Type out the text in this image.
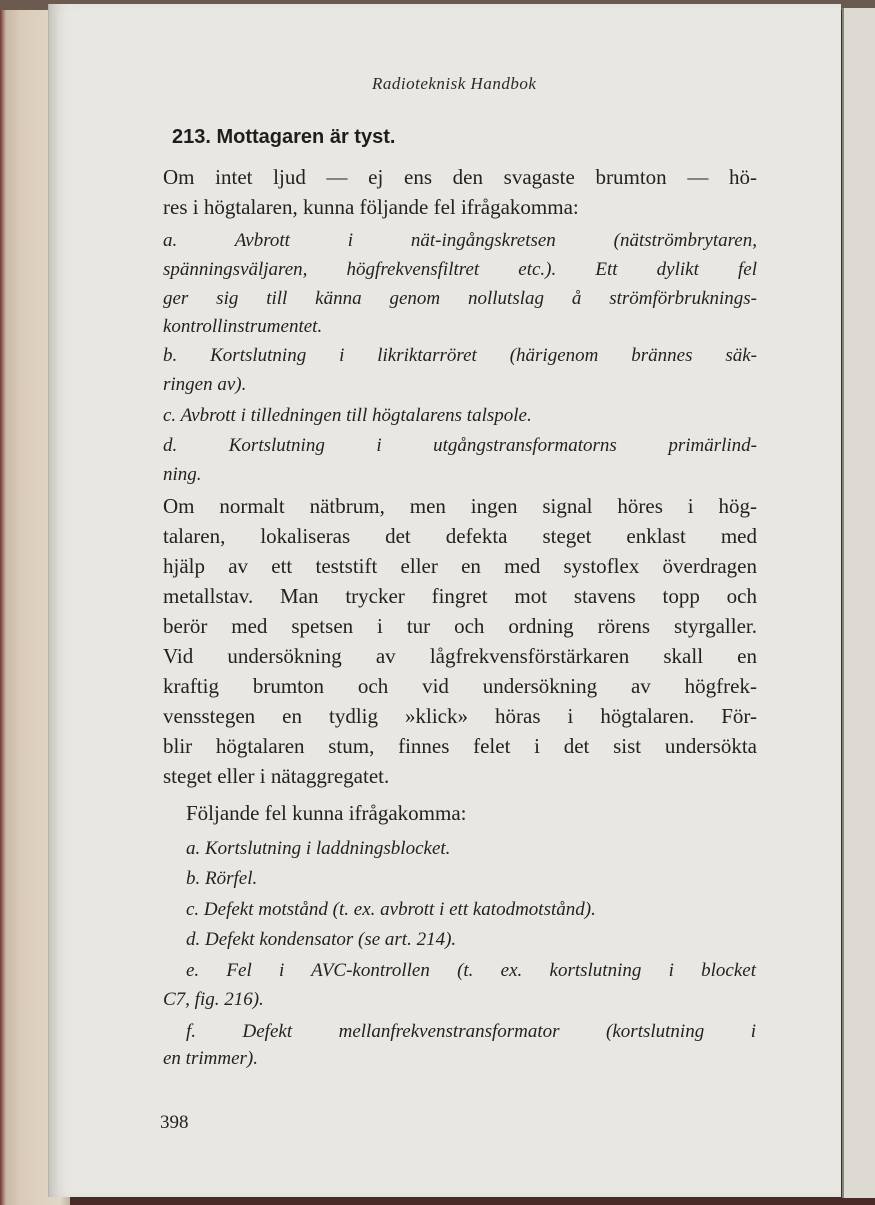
Radioteknisk Handbok
213. Mottagaren är tyst.
Om intet ljud — ej ens den svagaste brumton — hö-
res i högtalaren, kunna följande fel ifrågakomma:
a. Avbrott i nät-ingångskretsen (nätströmbrytaren,
spänningsväljaren, högfrekvensfiltret etc.). Ett dylikt fel
ger sig till känna genom nollutslag å strömförbruknings-
kontrollinstrumentet.
b. Kortslutning i likriktarröret (härigenom brännes säk-
ringen av).
c. Avbrott i tilledningen till högtalarens talspole.
d. Kortslutning i utgångstransformatorns primärlind-
ning.
Om normalt nätbrum, men ingen signal höres i hög-
talaren, lokaliseras det defekta steget enklast med
hjälp av ett teststift eller en med systoflex överdragen
metallstav. Man trycker fingret mot stavens topp och
berör med spetsen i tur och ordning rörens styrgaller.
Vid undersökning av lågfrekvensförstärkaren skall en
kraftig brumton och vid undersökning av högfrek-
vensstegen en tydlig »klick» höras i högtalaren. För-
blir högtalaren stum, finnes felet i det sist undersökta
steget eller i nätaggregatet.
Följande fel kunna ifrågakomma:
a. Kortslutning i laddningsblocket.
b. Rörfel.
c. Defekt motstånd (t. ex. avbrott i ett katodmotstånd).
d. Defekt kondensator (se art. 214).
e. Fel i AVC-kontrollen (t. ex. kortslutning i blocket
C7, fig. 216).
f. Defekt mellanfrekvenstransformator (kortslutning i
en trimmer).
398
